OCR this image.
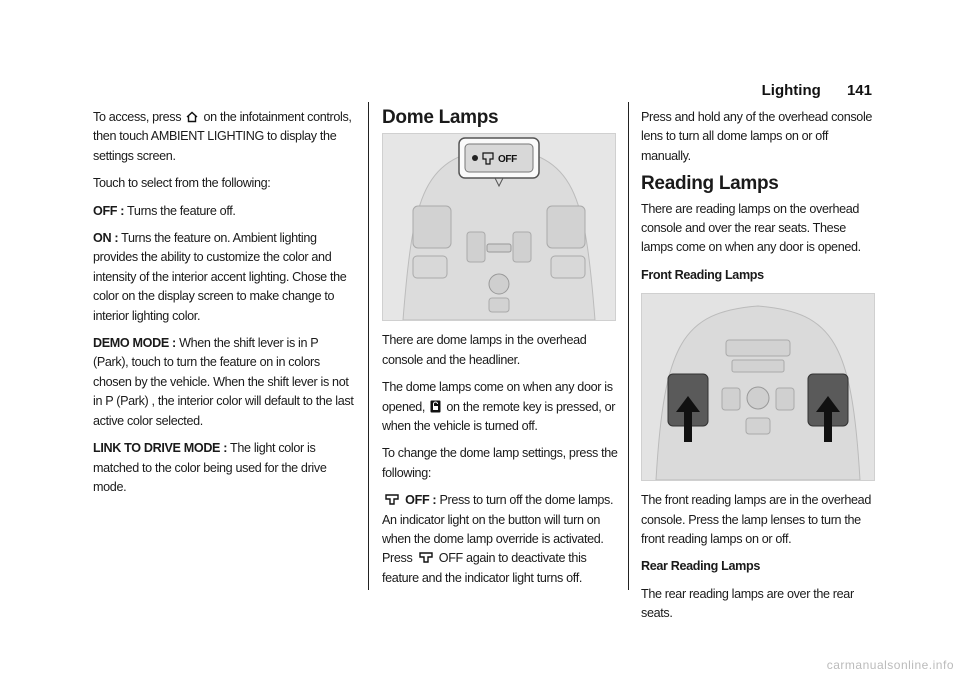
Lighting 141

To access, press on the infotainment controls, then touch AMBIENT LIGHTING to display the settings screen.

Touch to select from the following:

OFF : Turns the feature off.

ON : Turns the feature on. Ambient lighting provides the ability to customize the color and intensity of the interior accent lighting. Chose the color on the display screen to make change to interior lighting color.

DEMO MODE : When the shift lever is in P (Park), touch to turn the feature on in colors chosen by the vehicle. When the shift lever is not in P (Park) , the interior color will default to the last active color selected.

LINK TO DRIVE MODE : The light color is matched to the color being used for the drive mode.

Dome Lamps
OFF

There are dome lamps in the overhead console and the headliner.

The dome lamps come on when any door is opened, on the remote key is pressed, or when the vehicle is turned off.

To change the dome lamp settings, press the following:

OFF : Press to turn off the dome lamps. An indicator light on the button will turn on when the dome lamp override is activated. Press OFF again to deactivate this feature and the indicator light turns off.

Press and hold any of the overhead console lens to turn all dome lamps on or off manually.

Reading Lamps

There are reading lamps on the overhead console and over the rear seats. These lamps come on when any door is opened.

Front Reading Lamps

The front reading lamps are in the overhead console. Press the lamp lenses to turn the front reading lamps on or off.

Rear Reading Lamps

The rear reading lamps are over the rear seats.

carmanualsonline.info
